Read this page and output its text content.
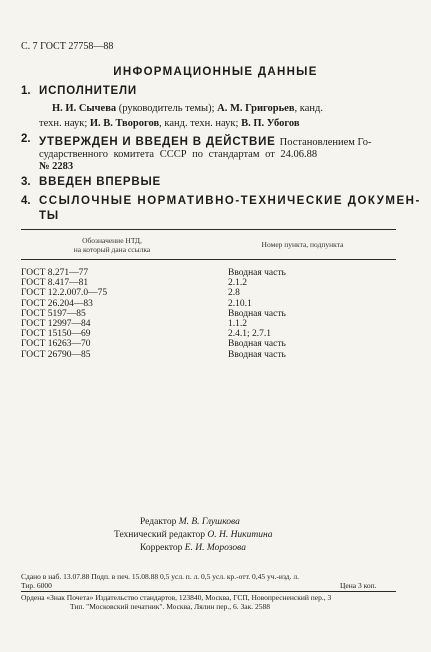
С. 7 ГОСТ 27758—88
ИНФОРМАЦИОННЫЕ ДАННЫЕ
1. ИСПОЛНИТЕЛИ
Н. И. Сычева (руководитель темы); А. М. Григорьев, канд.
техн. наук; И. В. Творогов, канд. техн. наук; В. П. Убогов
2. УТВЕРЖДЕН И ВВЕДЕН В ДЕЙСТВИЕ Постановлением Го-
сударственного комитета СССР по стандартам от 24.06.88
№ 2283
3. ВВЕДЕН ВПЕРВЫЕ
4. ССЫЛОЧНЫЕ НОРМАТИВНО-ТЕХНИЧЕСКИЕ ДОКУМЕН-
ТЫ
Обозначение НТД,
на который дана ссылка
Номер пункта, подпункта
ГОСТ 8.271—77
ГОСТ 8.417—81
ГОСТ 12.2.007.0—75
ГОСТ 26.204—83
ГОСТ 5197—85
ГОСТ 12997—84
ГОСТ 15150—69
ГОСТ 16263—70
ГОСТ 26790—85
Вводная часть
2.1.2
2.8
2.10.1
Вводная часть
1.1.2
2.4.1; 2.7.1
Вводная часть
Вводная часть
Редактор М. В. Глушкова
Технический редактор О. Н. Никитина
Корректор Е. И. Морозова
Сдано в наб. 13.07.88 Подп. в печ. 15.08.88 0,5 усл. п. л. 0,5 усл. кр.-отт. 0,45 уч.-изд. л.
Тир. 6000	Цена 3 коп.
Ордена «Знак Почета» Издательство стандартов, 123840, Москва, ГСП, Новопресненский пер., 3
Тип. "Московский печатник". Москва, Лялин пер., 6. Зак. 2588
